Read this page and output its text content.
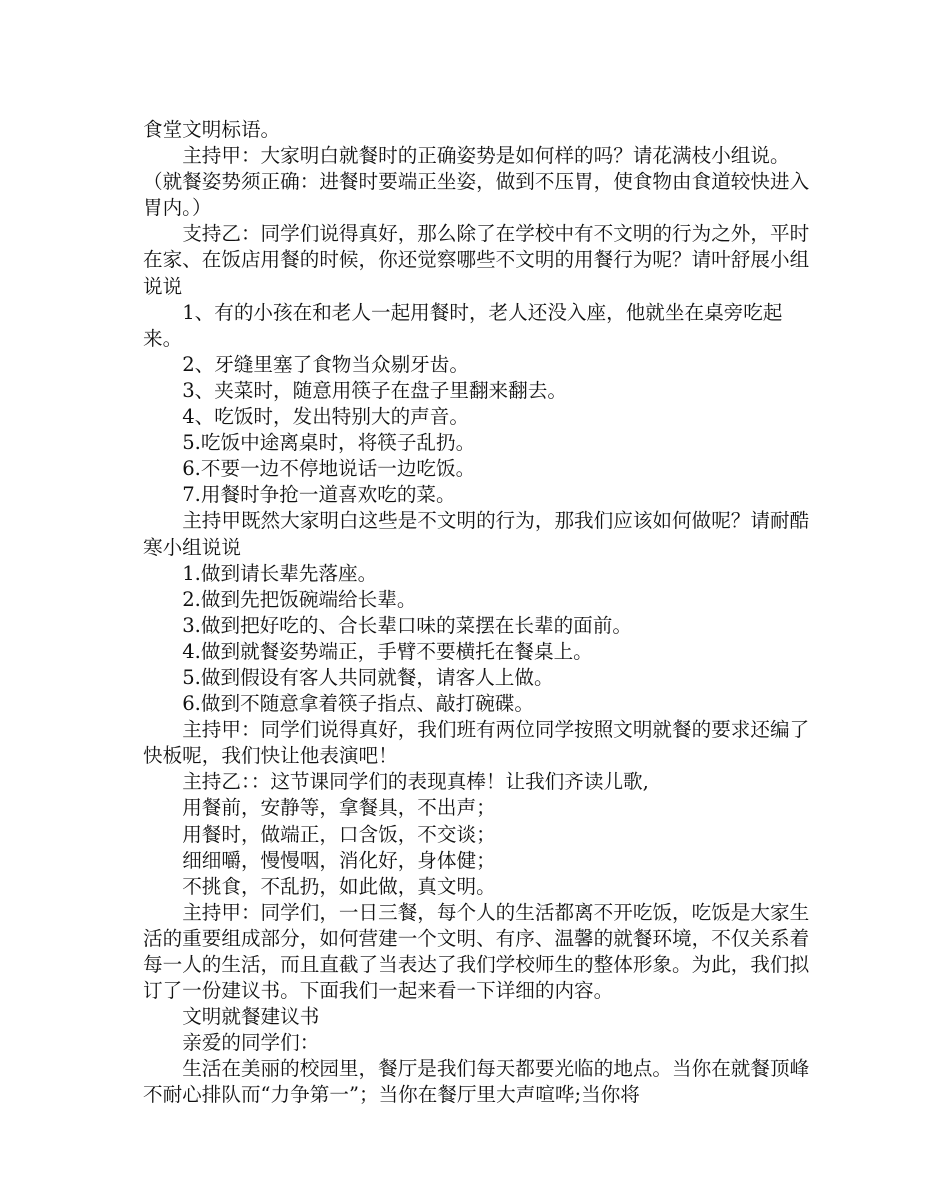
食堂文明标语。

主持甲：大家明白就餐时的正确姿势是如何样的吗？请花满枝小组说。（就餐姿势须正确：进餐时要端正坐姿，做到不压胃，使食物由食道较快进入胃内。）

支持乙：同学们说得真好，那么除了在学校中有不文明的行为之外，平时在家、在饭店用餐的时候，你还觉察哪些不文明的用餐行为呢？请叶舒展小组说说

1、有的小孩在和老人一起用餐时，老人还没入座，他就坐在桌旁吃起来。

2、牙缝里塞了食物当众剔牙齿。

3、夹菜时，随意用筷子在盘子里翻来翻去。

4、吃饭时，发出特别大的声音。

5.吃饭中途离桌时，将筷子乱扔。

6.不要一边不停地说话一边吃饭。

7.用餐时争抢一道喜欢吃的菜。

主持甲既然大家明白这些是不文明的行为，那我们应该如何做呢？请耐酷寒小组说说

1.做到请长辈先落座。

2.做到先把饭碗端给长辈。

3.做到把好吃的、合长辈口味的菜摆在长辈的面前。

4.做到就餐姿势端正，手臂不要横托在餐桌上。

5.做到假设有客人共同就餐，请客人上做。

6.做到不随意拿着筷子指点、敲打碗碟。

主持甲：同学们说得真好，我们班有两位同学按照文明就餐的要求还编了快板呢，我们快让他表演吧！

主持乙：：这节课同学们的表现真棒！让我们齐读儿歌,

用餐前，安静等，拿餐具，不出声；

用餐时，做端正，口含饭，不交谈；

细细嚼，慢慢咽，消化好，身体健；

不挑食，不乱扔，如此做，真文明。

主持甲：同学们，一日三餐，每个人的生活都离不开吃饭，吃饭是大家生活的重要组成部分，如何营建一个文明、有序、温馨的就餐环境，不仅关系着每一人的生活，而且直截了当表达了我们学校师生的整体形象。为此，我们拟订了一份建议书。下面我们一起来看一下详细的内容。

文明就餐建议书

亲爱的同学们：

生活在美丽的校园里，餐厅是我们每天都要光临的地点。当你在就餐顶峰不耐心排队而“力争第一”；当你在餐厅里大声喧哗;当你将
